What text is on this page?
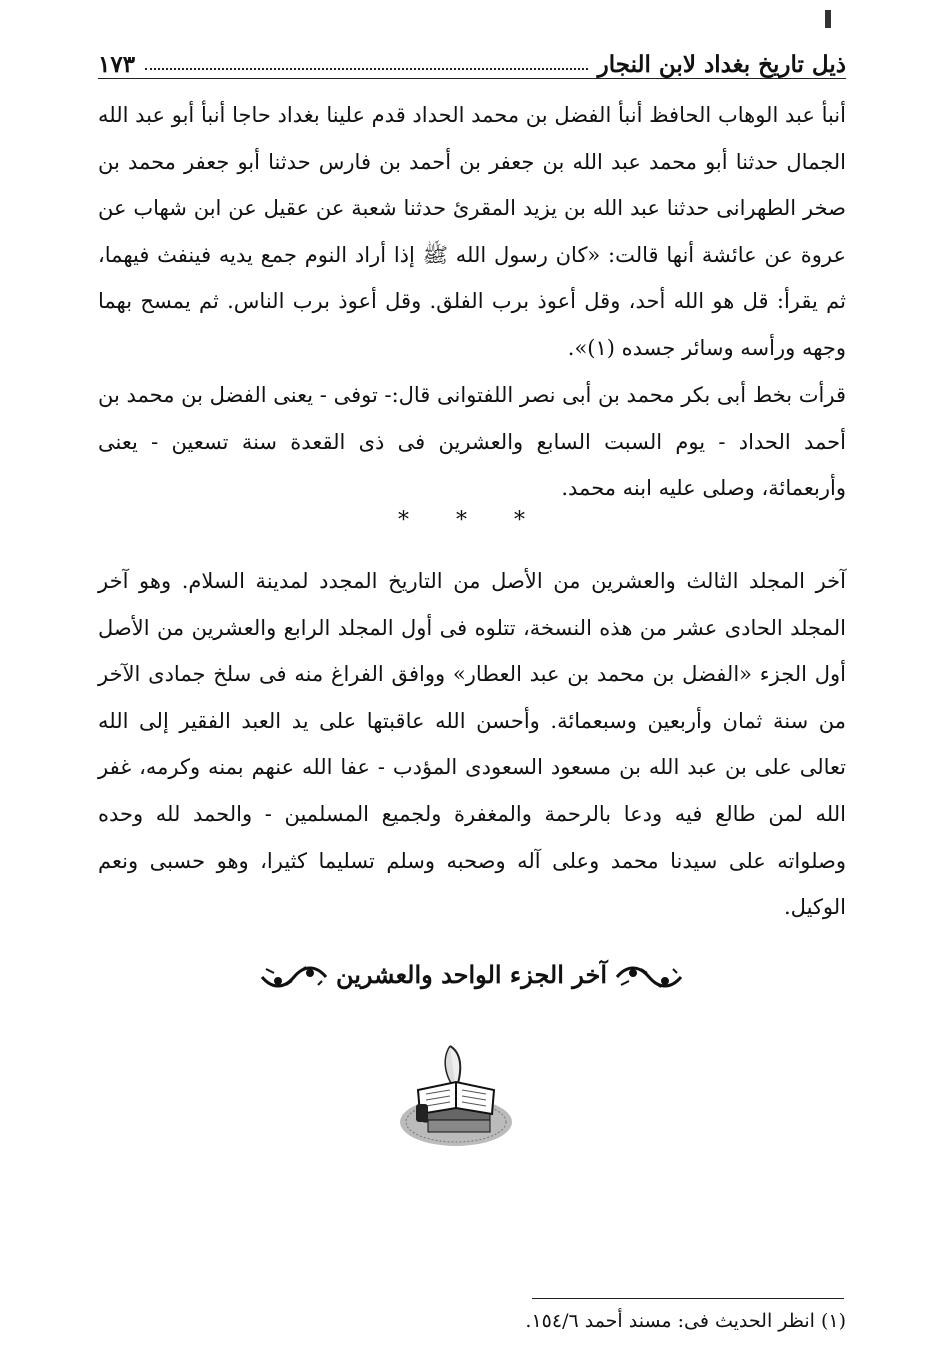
ذيل تاريخ بغداد لابن النجار
١٧٣

أنبأ عبد الوهاب الحافظ أنبأ الفضل بن محمد الحداد قدم علينا بغداد حاجا أنبأ أبو عبد الله الجمال حدثنا أبو محمد عبد الله بن جعفر بن أحمد بن فارس حدثنا أبو جعفر محمد بن صخر الطهرانى حدثنا عبد الله بن يزيد المقرئ حدثنا شعبة عن عقيل عن ابن شهاب عن عروة عن عائشة أنها قالت: «كان رسول الله ﷺ إذا أراد النوم جمع يديه فينفث فيهما، ثم يقرأ: قل هو الله أحد، وقل أعوذ برب الفلق. وقل أعوذ برب الناس. ثم يمسح بهما وجهه ورأسه وسائر جسده (١)».

قرأت بخط أبى بكر محمد بن أبى نصر اللفتوانى قال:- توفى - يعنى الفضل بن محمد بن أحمد الحداد - يوم السبت السابع والعشرين فى ذى القعدة سنة تسعين - يعنى وأربعمائة، وصلى عليه ابنه محمد.

* * *

آخر المجلد الثالث والعشرين من الأصل من التاريخ المجدد لمدينة السلام. وهو آخر المجلد الحادى عشر من هذه النسخة، تتلوه فى أول المجلد الرابع والعشرين من الأصل أول الجزء «الفضل بن محمد بن عبد العطار» ووافق الفراغ منه فى سلخ جمادى الآخر من سنة ثمان وأربعين وسبعمائة. وأحسن الله عاقبتها على يد العبد الفقير إلى الله تعالى على بن عبد الله بن مسعود السعودى المؤدب - عفا الله عنهم بمنه وكرمه، غفر الله لمن طالع فيه ودعا بالرحمة والمغفرة ولجميع المسلمين - والحمد لله وحده وصلواته على سيدنا محمد وعلى آله وصحبه وسلم تسليما كثيرا، وهو حسبى ونعم الوكيل.

آخر الجزء الواحد والعشرين
(١) انظر الحديث فى: مسند أحمد ١٥٤/٦.
